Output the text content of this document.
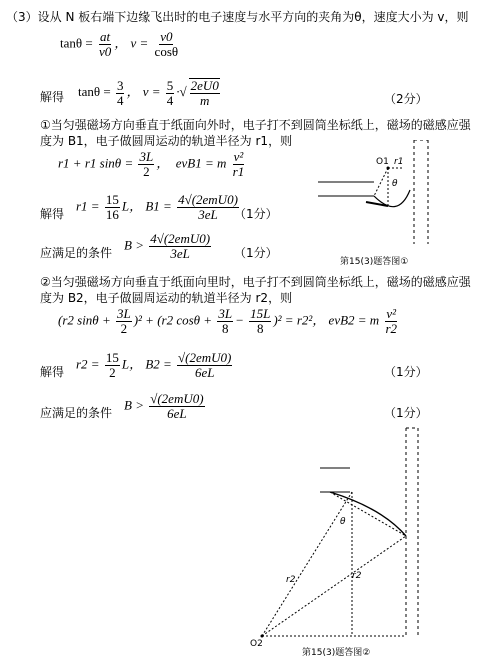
（3）设从 N 板右端下边缘飞出时的电子速度与水平方向的夹角为θ，速度大小为 v，则
$\tan\theta = \frac{at}{v0}$ ， $v = \frac{v0}{\cos\theta}$
解得 $\tan\theta = \frac{3}{4}$ ， $v = \frac{5}{4}$ ·√ $\frac{2eU0}{m}$	（2分）
①当匀强磁场方向垂直于纸面向外时，电子打不到圆筒坐标纸上，磁场的磁感应强
度为 B1，电子做圆周运动的轨道半径为 r1，则
r1 + r1 $\sin\theta = \frac{3L}{2}$ ，  evB1 = m $\frac{\text{v²}}{r1}$
解得
$r1 = \frac{15}{16}$ L， $B1 = \frac{\text{4√(2emU0)}}{3eL}$
（1分）
应满足的条件
$B > \frac{\text{4√(2emU0)}}{3eL} (1$分）
O1 r1
θ
第15(3)题答图①
②当匀强磁场方向垂直于纸面向里时，电子打不到圆筒坐标纸上，磁场的磁感应强
度为 B2，电子做圆周运动的轨道半径为 r2，则
(r2 $\sin\theta + \frac{3L}{2} )^2 + (r2$ $\cos\theta + \frac{3L}{8} - \frac{15L}{8} )^2 = r2^2$， evB2 = m $\frac{\text{v²}}{r2}$
解得
$r2 = \frac{15}{2}$ L， $B2 = \frac{\text{√(2emU0)}}{6eL}$	（1分）
应满足的条件
$B > \frac{\text{√(2emU0)}}{6eL}$	（1分）
O2
r2	r2
θ
第15(3)题答图②
